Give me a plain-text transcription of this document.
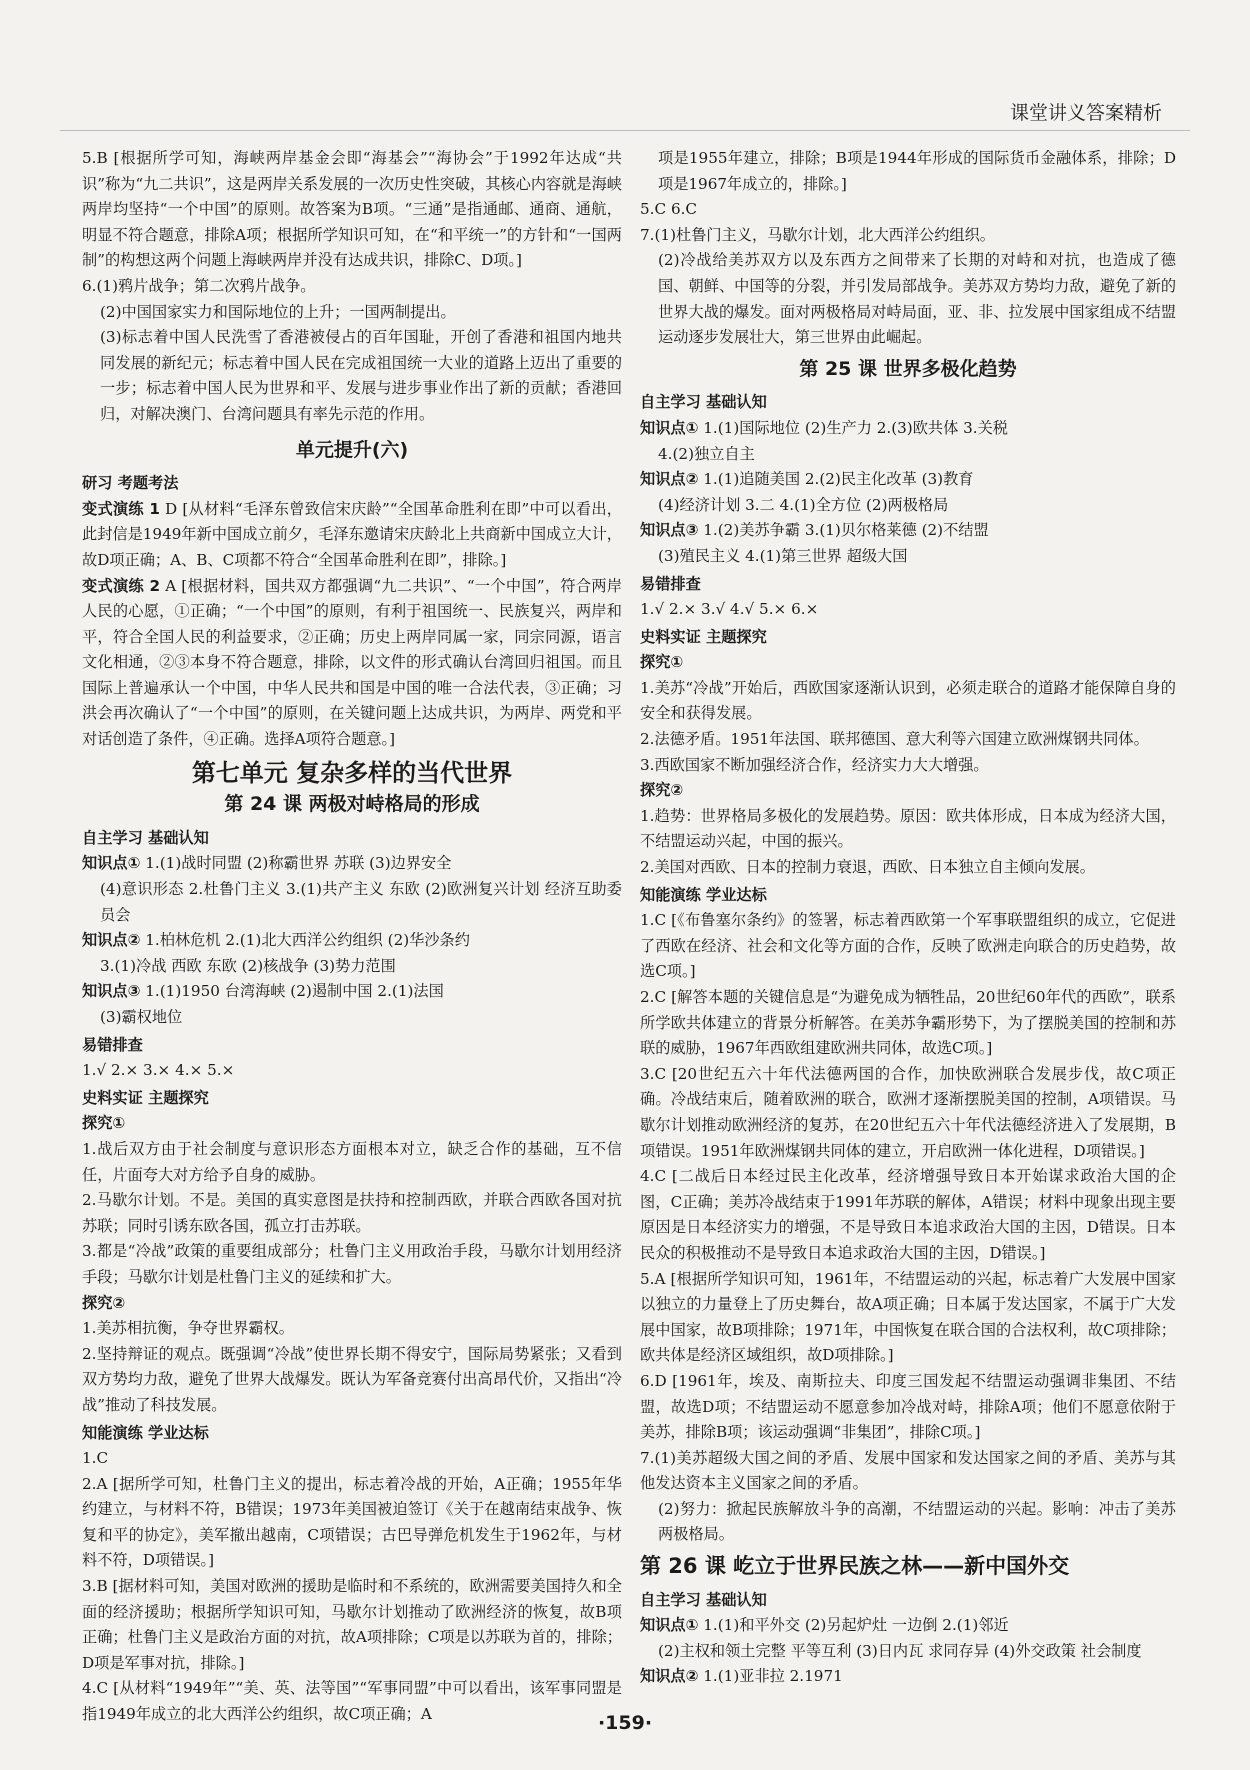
课堂讲义答案精析

5.B [根据所学可知，海峡两岸基金会即“海基会”“海协会”于1992年达成“共识”称为“九二共识”，这是两岸关系发展的一次历史性突破，其核心内容就是海峡两岸均坚持“一个中国”的原则。故答案为B项。“三通”是指通邮、通商、通航，明显不符合题意，排除A项；根据所学知识可知，在“和平统一”的方针和“一国两制”的构想这两个问题上海峡两岸并没有达成共识，排除C、D项。]

6.(1)鸦片战争；第二次鸦片战争。

(2)中国国家实力和国际地位的上升；一国两制提出。

(3)标志着中国人民洗雪了香港被侵占的百年国耻，开创了香港和祖国内地共同发展的新纪元；标志着中国人民在完成祖国统一大业的道路上迈出了重要的一步；标志着中国人民为世界和平、发展与进步事业作出了新的贡献；香港回归，对解决澳门、台湾问题具有率先示范的作用。

单元提升(六)
研习 考题考法

变式演练 1 D [从材料“毛泽东曾致信宋庆龄”“全国革命胜利在即”中可以看出，此封信是1949年新中国成立前夕，毛泽东邀请宋庆龄北上共商新中国成立大计，故D项正确；A、B、C项都不符合“全国革命胜利在即”，排除。]

变式演练 2 A [根据材料，国共双方都强调“九二共识”、“一个中国”，符合两岸人民的心愿，①正确；“一个中国”的原则，有利于祖国统一、民族复兴，两岸和平，符合全国人民的利益要求，②正确；历史上两岸同属一家，同宗同源，语言文化相通，②③本身不符合题意，排除，以文件的形式确认台湾回归祖国。而且国际上普遍承认一个中国，中华人民共和国是中国的唯一合法代表，③正确；习洪会再次确认了“一个中国”的原则，在关键问题上达成共识，为两岸、两党和平对话创造了条件，④正确。选择A项符合题意。]

第七单元 复杂多样的当代世界
第 24 课 两极对峙格局的形成
自主学习 基础认知

知识点① 1.(1)战时同盟 (2)称霸世界 苏联 (3)边界安全

(4)意识形态 2.杜鲁门主义 3.(1)共产主义 东欧 (2)欧洲复兴计划 经济互助委员会

知识点② 1.柏林危机 2.(1)北大西洋公约组织 (2)华沙条约

3.(1)冷战 西欧 东欧 (2)核战争 (3)势力范围

知识点③ 1.(1)1950 台湾海峡 (2)遏制中国 2.(1)法国

(3)霸权地位

易错排查

1.√ 2.× 3.× 4.× 5.×

史料实证 主题探究
探究①

1.战后双方由于社会制度与意识形态方面根本对立，缺乏合作的基础，互不信任，片面夸大对方给予自身的威胁。

2.马歇尔计划。不是。美国的真实意图是扶持和控制西欧，并联合西欧各国对抗苏联；同时引诱东欧各国，孤立打击苏联。

3.都是“冷战”政策的重要组成部分；杜鲁门主义用政治手段，马歇尔计划用经济手段；马歇尔计划是杜鲁门主义的延续和扩大。

探究②

1.美苏相抗衡，争夺世界霸权。

2.坚持辩证的观点。既强调“冷战”使世界长期不得安宁，国际局势紧张；又看到双方势均力敌，避免了世界大战爆发。既认为军备竞赛付出高昂代价，又指出“冷战”推动了科技发展。

知能演练 学业达标

1.C

2.A [据所学可知，杜鲁门主义的提出，标志着冷战的开始，A正确；1955年华约建立，与材料不符，B错误；1973年美国被迫签订《关于在越南结束战争、恢复和平的协定》，美军撤出越南，C项错误；古巴导弹危机发生于1962年，与材料不符，D项错误。]

3.B [据材料可知，美国对欧洲的援助是临时和不系统的，欧洲需要美国持久和全面的经济援助；根据所学知识可知，马歇尔计划推动了欧洲经济的恢复，故B项正确；杜鲁门主义是政治方面的对抗，故A项排除；C项是以苏联为首的，排除；D项是军事对抗，排除。]

4.C [从材料“1949年”“美、英、法等国”“军事同盟”中可以看出，该军事同盟是指1949年成立的北大西洋公约组织，故C项正确；A

项是1955年建立，排除；B项是1944年形成的国际货币金融体系，排除；D项是1967年成立的，排除。]

5.C 6.C

7.(1)杜鲁门主义，马歇尔计划，北大西洋公约组织。

(2)冷战给美苏双方以及东西方之间带来了长期的对峙和对抗，也造成了德国、朝鲜、中国等的分裂，并引发局部战争。美苏双方势均力敌，避免了新的世界大战的爆发。面对两极格局对峙局面，亚、非、拉发展中国家组成不结盟运动逐步发展壮大，第三世界由此崛起。

第 25 课 世界多极化趋势
自主学习 基础认知

知识点① 1.(1)国际地位 (2)生产力 2.(3)欧共体 3.关税

4.(2)独立自主

知识点② 1.(1)追随美国 2.(2)民主化改革 (3)教育

(4)经济计划 3.二 4.(1)全方位 (2)两极格局

知识点③ 1.(2)美苏争霸 3.(1)贝尔格莱德 (2)不结盟

(3)殖民主义 4.(1)第三世界 超级大国

易错排查

1.√ 2.× 3.√ 4.√ 5.× 6.×

史料实证 主题探究
探究①

1.美苏“冷战”开始后，西欧国家逐渐认识到，必须走联合的道路才能保障自身的安全和获得发展。

2.法德矛盾。1951年法国、联邦德国、意大利等六国建立欧洲煤钢共同体。

3.西欧国家不断加强经济合作，经济实力大大增强。

探究②

1.趋势：世界格局多极化的发展趋势。原因：欧共体形成，日本成为经济大国，不结盟运动兴起，中国的振兴。

2.美国对西欧、日本的控制力衰退，西欧、日本独立自主倾向发展。

知能演练 学业达标

1.C [《布鲁塞尔条约》的签署，标志着西欧第一个军事联盟组织的成立，它促进了西欧在经济、社会和文化等方面的合作，反映了欧洲走向联合的历史趋势，故选C项。]

2.C [解答本题的关键信息是“为避免成为牺牲品，20世纪60年代的西欧”，联系所学欧共体建立的背景分析解答。在美苏争霸形势下，为了摆脱美国的控制和苏联的威胁，1967年西欧组建欧洲共同体，故选C项。]

3.C [20世纪五六十年代法德两国的合作，加快欧洲联合发展步伐，故C项正确。冷战结束后，随着欧洲的联合，欧洲才逐渐摆脱美国的控制，A项错误。马歇尔计划推动欧洲经济的复苏，在20世纪五六十年代法德经济进入了发展期，B项错误。1951年欧洲煤钢共同体的建立，开启欧洲一体化进程，D项错误。]

4.C [二战后日本经过民主化改革，经济增强导致日本开始谋求政治大国的企图，C正确；美苏冷战结束于1991年苏联的解体，A错误；材料中现象出现主要原因是日本经济实力的增强，不是导致日本追求政治大国的主因，D错误。日本民众的积极推动不是导致日本追求政治大国的主因，D错误。]

5.A [根据所学知识可知，1961年，不结盟运动的兴起，标志着广大发展中国家以独立的力量登上了历史舞台，故A项正确；日本属于发达国家，不属于广大发展中国家，故B项排除；1971年，中国恢复在联合国的合法权利，故C项排除；欧共体是经济区域组织，故D项排除。]

6.D [1961年，埃及、南斯拉夫、印度三国发起不结盟运动强调非集团、不结盟，故选D项；不结盟运动不愿意参加冷战对峙，排除A项；他们不愿意依附于美苏，排除B项；该运动强调“非集团”，排除C项。]

7.(1)美苏超级大国之间的矛盾、发展中国家和发达国家之间的矛盾、美苏与其他发达资本主义国家之间的矛盾。

(2)努力：掀起民族解放斗争的高潮，不结盟运动的兴起。影响：冲击了美苏两极格局。

第 26 课 屹立于世界民族之林——新中国外交
自主学习 基础认知

知识点① 1.(1)和平外交 (2)另起炉灶 一边倒 2.(1)邻近

(2)主权和领土完整 平等互利 (3)日内瓦 求同存异 (4)外交政策 社会制度

知识点② 1.(1)亚非拉 2.1971

·159·
